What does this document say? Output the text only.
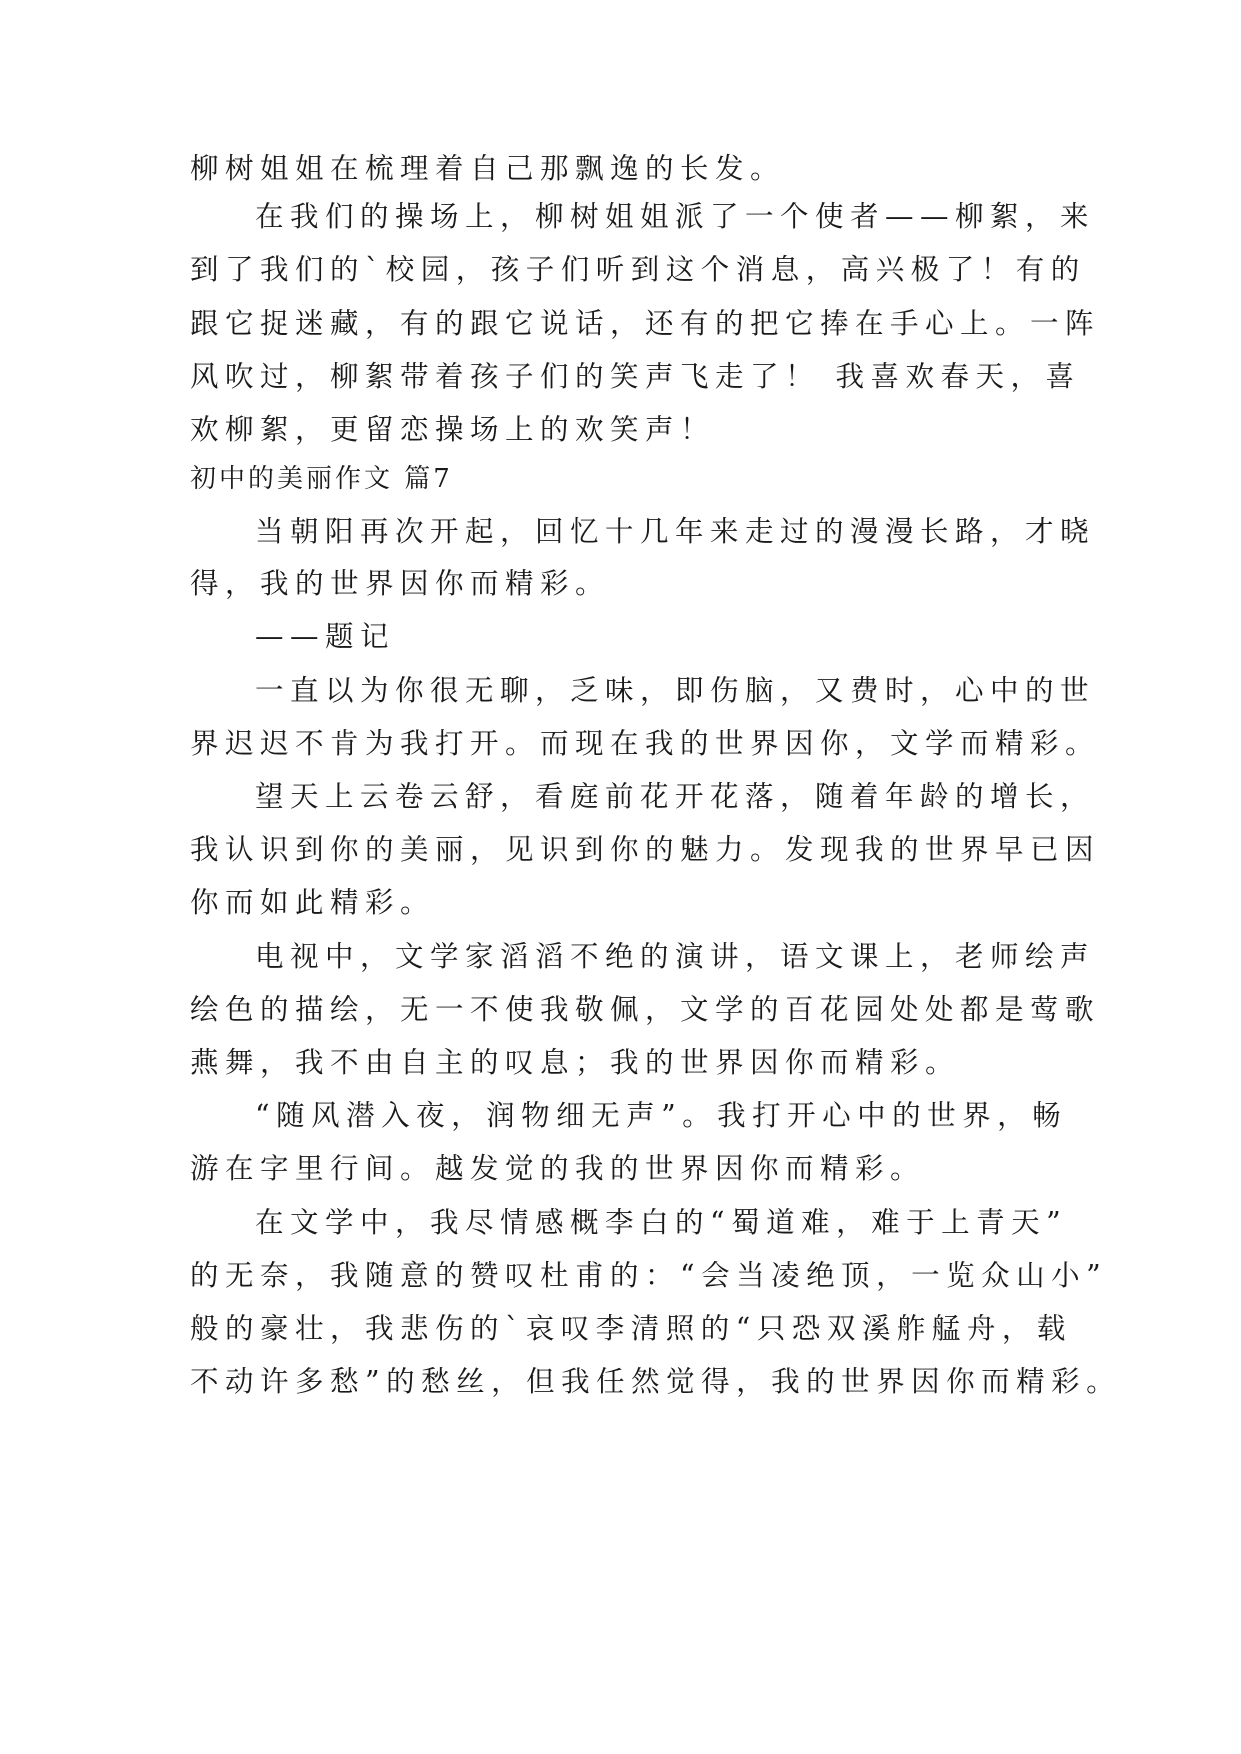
柳树姐姐在梳理着自己那飘逸的长发。
在我们的操场上，柳树姐姐派了一个使者——柳絮，来
到了我们的`校园，孩子们听到这个消息，高兴极了！有的
跟它捉迷藏，有的跟它说话，还有的把它捧在手心上。一阵
风吹过，柳絮带着孩子们的笑声飞走了！ 我喜欢春天，喜
欢柳絮，更留恋操场上的欢笑声！
初中的美丽作文 篇7
当朝阳再次开起，回忆十几年来走过的漫漫长路，才晓
得，我的世界因你而精彩。
——题记
一直以为你很无聊，乏味，即伤脑，又费时，心中的世
界迟迟不肯为我打开。而现在我的世界因你，文学而精彩。
望天上云卷云舒，看庭前花开花落，随着年龄的增长，
我认识到你的美丽，见识到你的魅力。发现我的世界早已因
你而如此精彩。
电视中，文学家滔滔不绝的演讲，语文课上，老师绘声
绘色的描绘，无一不使我敬佩，文学的百花园处处都是莺歌
燕舞，我不由自主的叹息；我的世界因你而精彩。
“随风潜入夜，润物细无声”。我打开心中的世界，畅
游在字里行间。越发觉的我的世界因你而精彩。
在文学中，我尽情感概李白的“蜀道难，难于上青天”
的无奈，我随意的赞叹杜甫的：“会当凌绝顶，一览众山小”
般的豪壮，我悲伤的`哀叹李清照的“只恐双溪舴艋舟，载
不动许多愁”的愁丝，但我任然觉得，我的世界因你而精彩。
